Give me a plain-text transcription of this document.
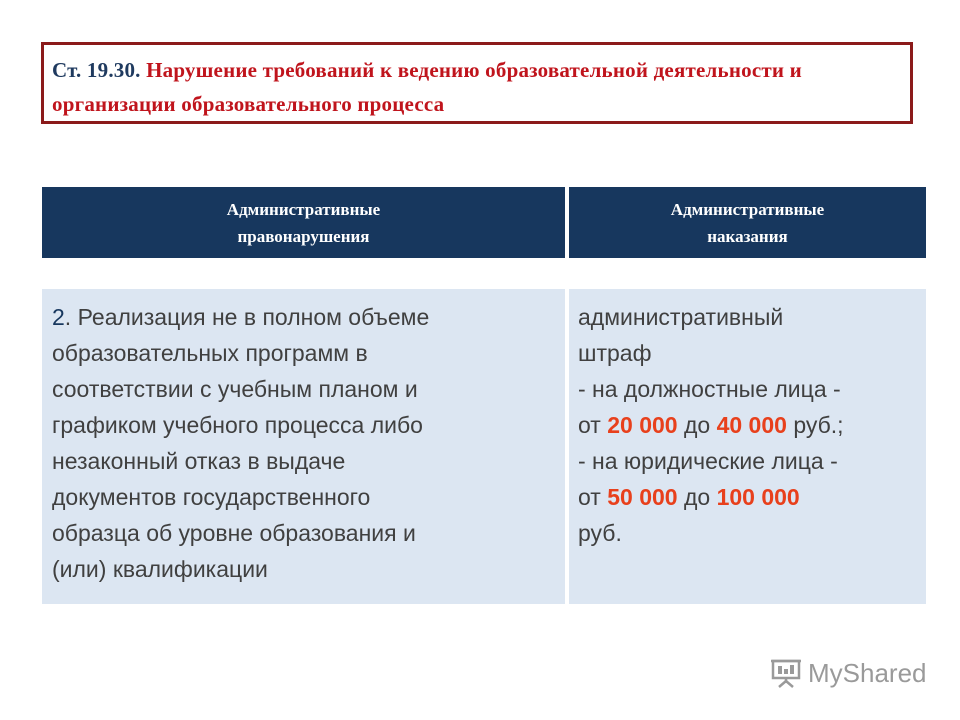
Ст. 19.30. Нарушение требований к ведению образовательной деятельности и организации образовательного процесса
Административные
правонарушения
Административные
наказания
2. Реализация не в полном объеме
образовательных программ в
соответствии с учебным планом и
графиком учебного процесса либо
незаконный отказ в выдаче
документов государственного
образца об уровне образования и
(или) квалификации
административный
штраф
- на должностные лица -
от 20 000 до 40 000 руб.;
- на юридические лица -
от 50 000 до 100 000
руб.
MyShared
